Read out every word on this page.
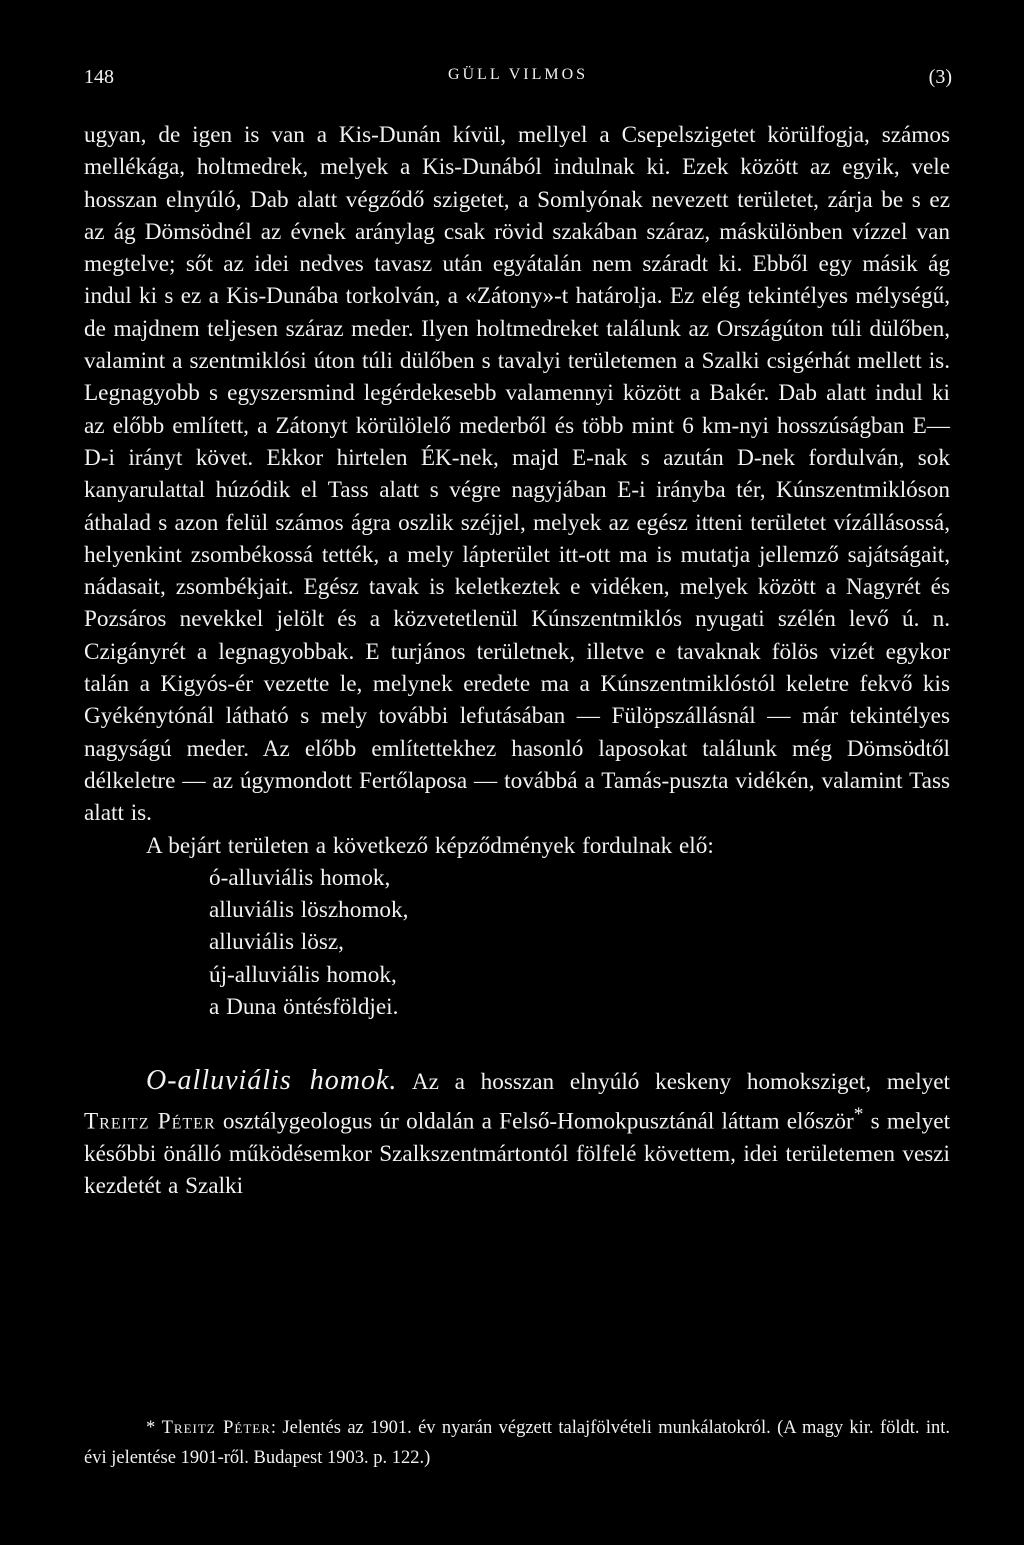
148	GÜLL VILMOS	(3)

ugyan, de igen is van a Kis-Dunán kívül, mellyel a Csepelszigetet körülfogja, számos mellékága, holtmedrek, melyek a Kis-Dunából indulnak ki. Ezek között az egyik, vele hosszan elnyúló, Dab alatt végződő szigetet, a Somlyónak nevezett területet, zárja be s ez az ág Dömsödnél az évnek aránylag csak rövid szakában száraz, máskülönben vízzel van megtelve; sőt az idei nedves tavasz után egyátalán nem száradt ki. Ebből egy másik ág indul ki s ez a Kis-Dunába torkolván, a «Zátony»-t határolja. Ez elég tekintélyes mélységű, de majdnem teljesen száraz meder. Ilyen holtmedreket találunk az Országúton túli dülőben, valamint a szentmiklósi úton túli dülőben s tavalyi területemen a Szalki csigérhát mellett is. Legnagyobb s egyszersmind legérdekesebb valamennyi között a Bakér. Dab alatt indul ki az előbb említett, a Zátonyt körülölelő mederből és több mint 6 km-nyi hosszúságban E—D-i irányt követ. Ekkor hirtelen ÉK-nek, majd E-nak s azután D-nek fordulván, sok kanyarulattal húzódik el Tass alatt s végre nagyjában E-i irányba tér, Kúnszentmiklóson áthalad s azon felül számos ágra oszlik széjjel, melyek az egész itteni területet vízállásossá, helyenkint zsombékossá tették, a mely lápterület itt-ott ma is mutatja jellemző sajátságait, nádasait, zsombékjait. Egész tavak is keletkeztek e vidéken, melyek között a Nagyrét és Pozsáros nevekkel jelölt és a közvetetlenül Kúnszentmiklós nyugati szélén levő ú. n. Czigányrét a legnagyobbak. E turjános területnek, illetve e tavaknak fölös vizét egykor talán a Kigyós-ér vezette le, melynek eredete ma a Kúnszentmiklóstól keletre fekvő kis Gyékénytónál látható s mely további lefutásában — Fülöpszállásnál — már tekintélyes nagyságú meder. Az előbb említettekhez hasonló laposokat találunk még Dömsödtől délkeletre — az úgymondott Fertőlaposa — továbbá a Tamás-puszta vidékén, valamint Tass alatt is.

A bejárt területen a következő képződmények fordulnak elő:

ó-alluviális homok,
alluviális löszhomok,
alluviális lösz,
új-alluviális homok,
a Duna öntésföldjei.

O-alluviális homok. Az a hosszan elnyúló keskeny homoksziget, melyet Treitz Péter osztálygeologus úr oldalán a Felső-Homokpusztánál láttam először* s melyet későbbi önálló működésemkor Szalkszentmártontól fölfelé követtem, idei területemen veszi kezdetét a Szalki

* Treitz Péter: Jelentés az 1901. év nyarán végzett talajfölvételi munkálatokról. (A magy kir. földt. int. évi jelentése 1901-ről. Budapest 1903. p. 122.)
